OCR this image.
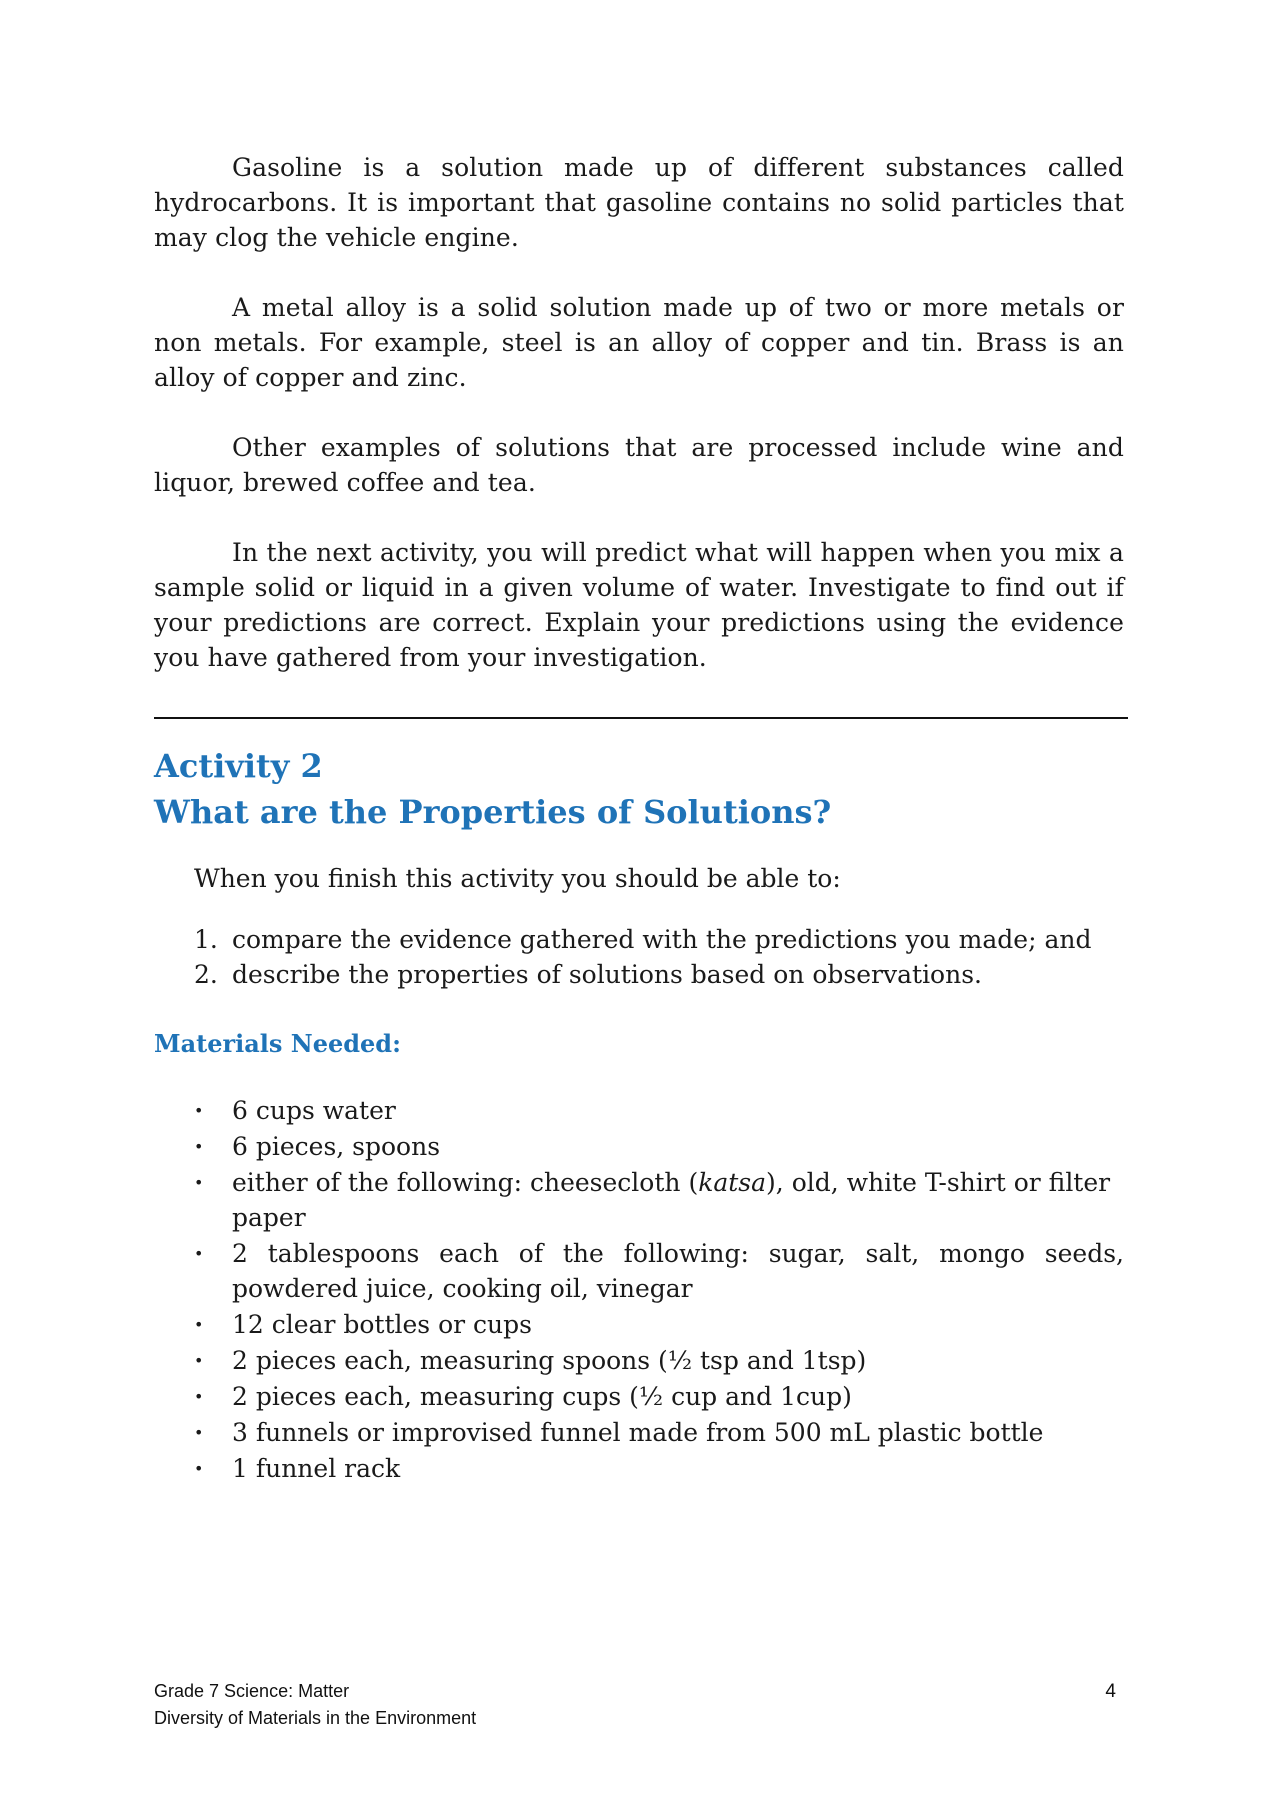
Gasoline is a solution made up of different substances called hydrocarbons. It is important that gasoline contains no solid particles that may clog the vehicle engine.

A metal alloy is a solid solution made up of two or more metals or non metals. For example, steel is an alloy of copper and tin. Brass is an alloy of copper and zinc.

Other examples of solutions that are processed include wine and liquor, brewed coffee and tea.

In the next activity, you will predict what will happen when you mix a sample solid or liquid in a given volume of water. Investigate to find out if your predictions are correct. Explain your predictions using the evidence you have gathered from your investigation.

Activity 2
What are the Properties of Solutions?
When you finish this activity you should be able to:
1. compare the evidence gathered with the predictions you made; and
2. describe the properties of solutions based on observations.
Materials Needed:
•	6 cups water
•	6 pieces, spoons
•	either of the following: cheesecloth (katsa), old, white T-shirt or filter paper
•	2 tablespoons each of the following: sugar, salt, mongo seeds, powdered juice, cooking oil, vinegar
•	12 clear bottles or cups
•	2 pieces each, measuring spoons (½ tsp and 1tsp)
•	2 pieces each, measuring cups (½ cup and 1cup)
•	3 funnels or improvised funnel made from 500 mL plastic bottle
•	1 funnel rack
Grade 7 Science: Matter
Diversity of Materials in the Environment
4
